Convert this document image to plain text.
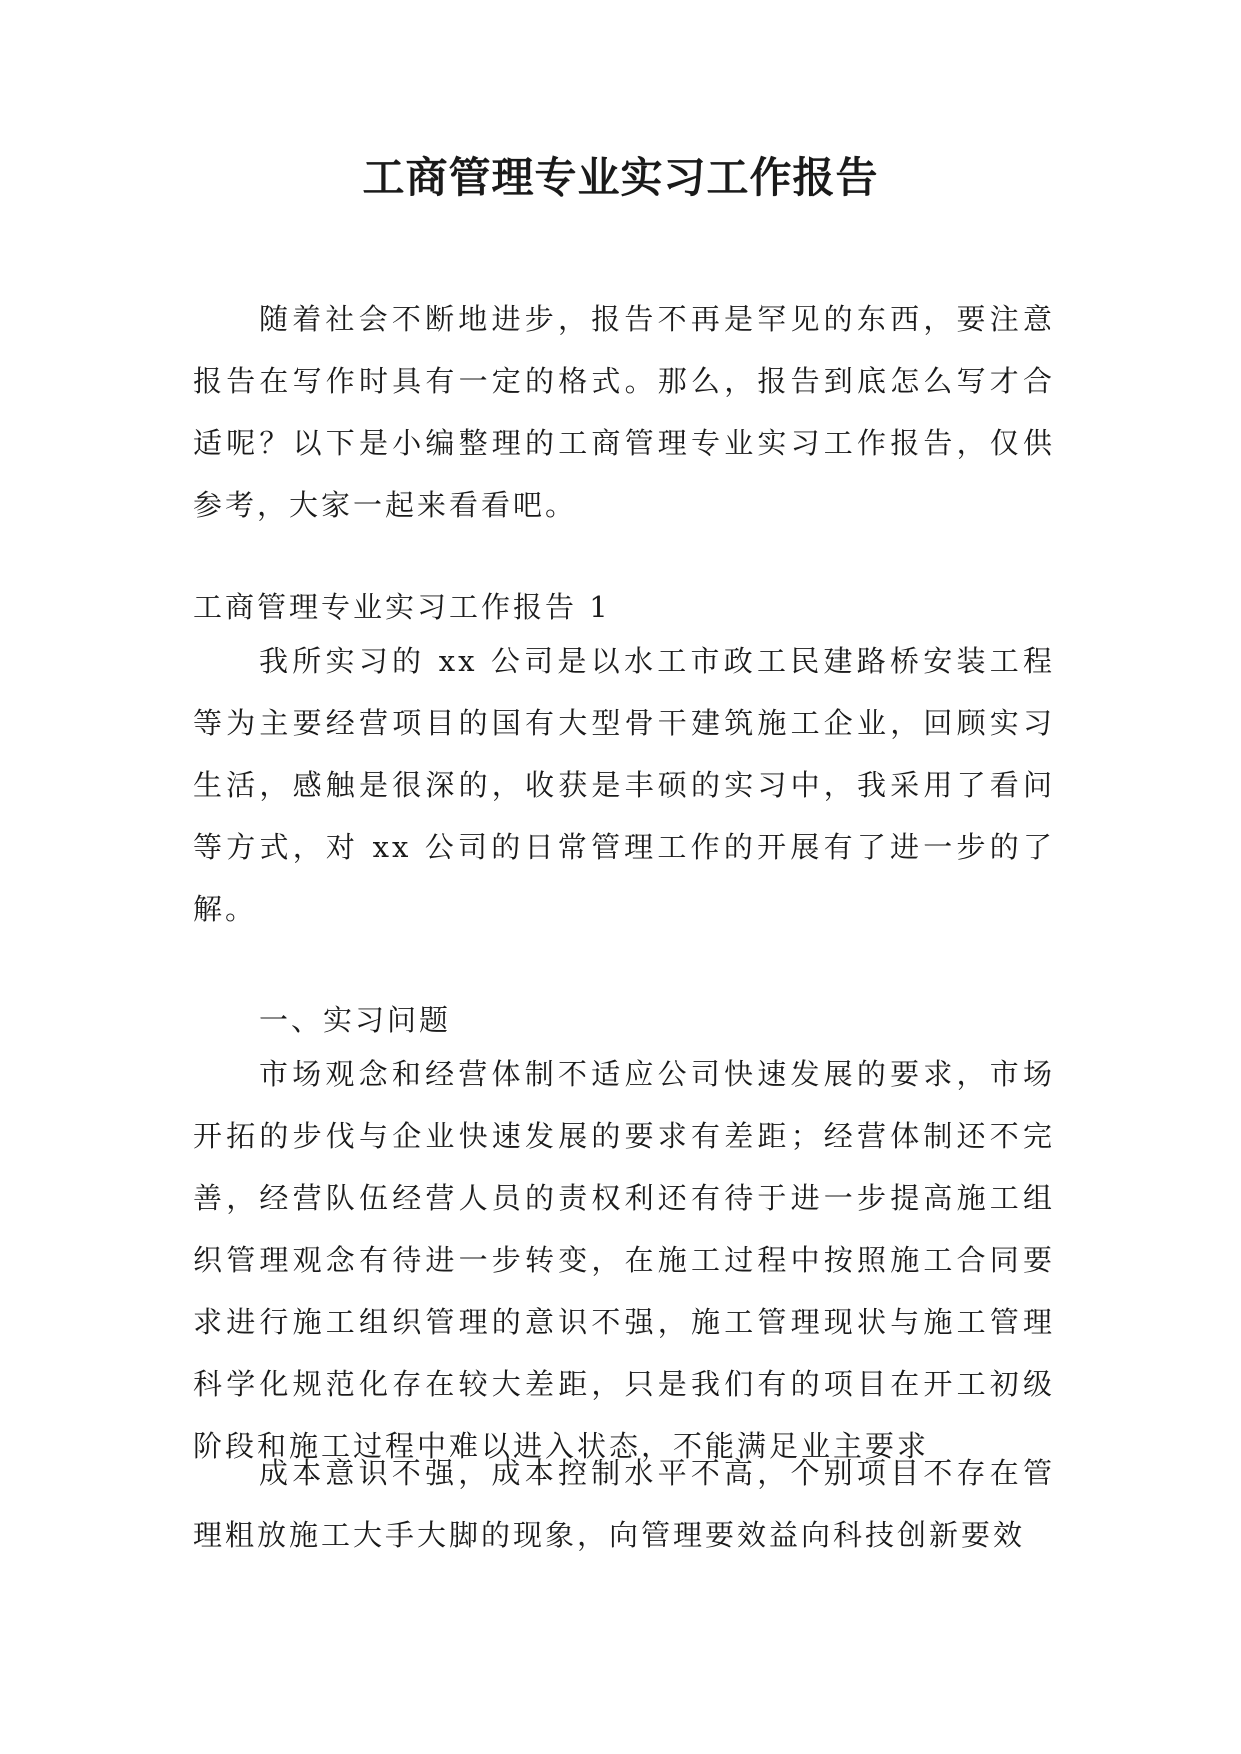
工商管理专业实习工作报告

随着社会不断地进步，报告不再是罕见的东西，要注意报告在写作时具有一定的格式。那么，报告到底怎么写才合适呢？以下是小编整理的工商管理专业实习工作报告，仅供参考，大家一起来看看吧。

工商管理专业实习工作报告 1

我所实习的 xx 公司是以水工市政工民建路桥安装工程等为主要经营项目的国有大型骨干建筑施工企业，回顾实习生活，感触是很深的，收获是丰硕的实习中，我采用了看问等方式，对 xx 公司的日常管理工作的开展有了进一步的了解。

一、实习问题

市场观念和经营体制不适应公司快速发展的要求，市场开拓的步伐与企业快速发展的要求有差距；经营体制还不完善，经营队伍经营人员的责权利还有待于进一步提高施工组织管理观念有待进一步转变，在施工过程中按照施工合同要求进行施工组织管理的意识不强，施工管理现状与施工管理科学化规范化存在较大差距，只是我们有的项目在开工初级阶段和施工过程中难以进入状态，不能满足业主要求

成本意识不强，成本控制水平不高，个别项目不存在管理粗放施工大手大脚的现象，向管理要效益向科技创新要效
